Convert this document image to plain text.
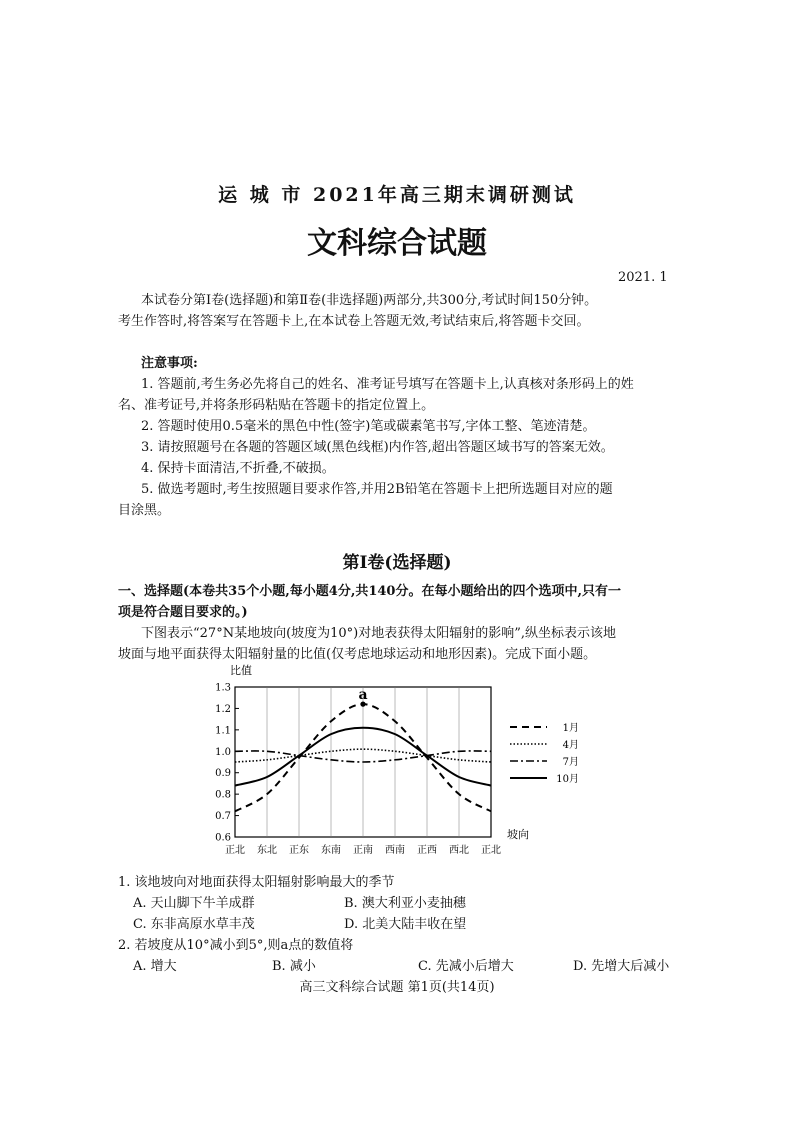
运 城 市 2021年高三期末调研测试
文科综合试题
2021. 1
本试卷分第Ⅰ卷(选择题)和第Ⅱ卷(非选择题)两部分,共300分,考试时间150分钟。
考生作答时,将答案写在答题卡上,在本试卷上答题无效,考试结束后,将答题卡交回。
注意事项:
1. 答题前,考生务必先将自己的姓名、准考证号填写在答题卡上,认真核对条形码上的姓
名、准考证号,并将条形码粘贴在答题卡的指定位置上。
2. 答题时使用0.5毫米的黑色中性(签字)笔或碳素笔书写,字体工整、笔迹清楚。
3. 请按照题号在各题的答题区域(黑色线框)内作答,超出答题区域书写的答案无效。
4. 保持卡面清洁,不折叠,不破损。
5. 做选考题时,考生按照题目要求作答,并用2B铅笔在答题卡上把所选题目对应的题
目涂黑。
第Ⅰ卷(选择题)
一、选择题(本卷共35个小题,每小题4分,共140分。在每小题给出的四个选项中,只有一
项是符合题目要求的。)
下图表示“27°N某地坡向(坡度为10°)对地表获得太阳辐射的影响”,纵坐标表示该地
坡面与地平面获得太阳辐射量的比值(仅考虑地球运动和地形因素)。完成下面小题。
比值
坡向
1.3
1.2
1.1
1.0
0.9
0.8
0.7
0.6
正北 东北 正东 东南 正南 西南 正西 西北 正北
a
1月
4月
7月
10月
1. 该地坡向对地面获得太阳辐射影响最大的季节
A. 天山脚下牛羊成群	B. 澳大利亚小麦抽穗
C. 东非高原水草丰茂	D. 北美大陆丰收在望
2. 若坡度从10°减小到5°,则a点的数值将
A. 增大	B. 减小	C. 先减小后增大	D. 先增大后减小
高三文科综合试题 第1页(共14页)
